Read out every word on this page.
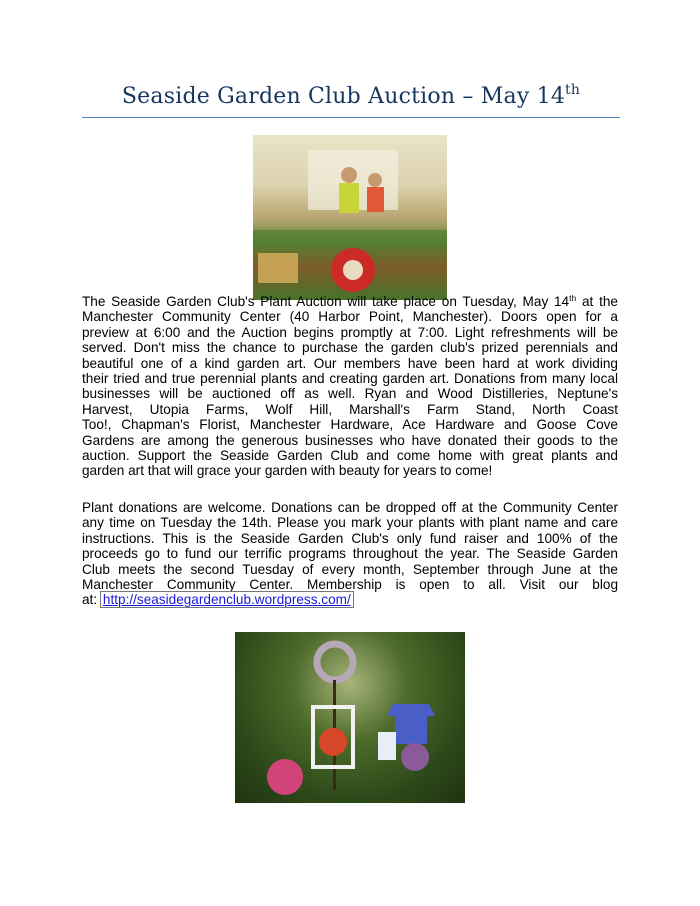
Seaside Garden Club Auction – May 14th
The Seaside Garden Club's Plant Auction will take place on Tuesday, May 14th at the
Manchester Community Center (40 Harbor Point, Manchester). Doors open for a
preview at 6:00 and the Auction begins promptly at 7:00. Light refreshments will be
served. Don't miss the chance to purchase the garden club's prized perennials and
beautiful one of a kind garden art. Our members have been hard at work dividing
their tried and true perennial plants and creating garden art. Donations from many local
businesses will be auctioned off as well. Ryan and Wood Distilleries, Neptune's
Harvest, Utopia Farms, Wolf Hill, Marshall's Farm Stand, North Coast
Too!, Chapman's Florist, Manchester Hardware, Ace Hardware and Goose Cove
Gardens are among the generous businesses who have donated their goods to the
auction. Support the Seaside Garden Club and come home with great plants and
garden art that will grace your garden with beauty for years to come!
Plant donations are welcome. Donations can be dropped off at the Community Center
any time on Tuesday the 14th. Please you mark your plants with plant name and care
instructions. This is the Seaside Garden Club's only fund raiser and 100% of the
proceeds go to fund our terrific programs throughout the year. The Seaside Garden
Club meets the second Tuesday of every month, September through June at the
Manchester Community Center. Membership is open to all. Visit our blog
at: http://seasidegardenclub.wordpress.com/
